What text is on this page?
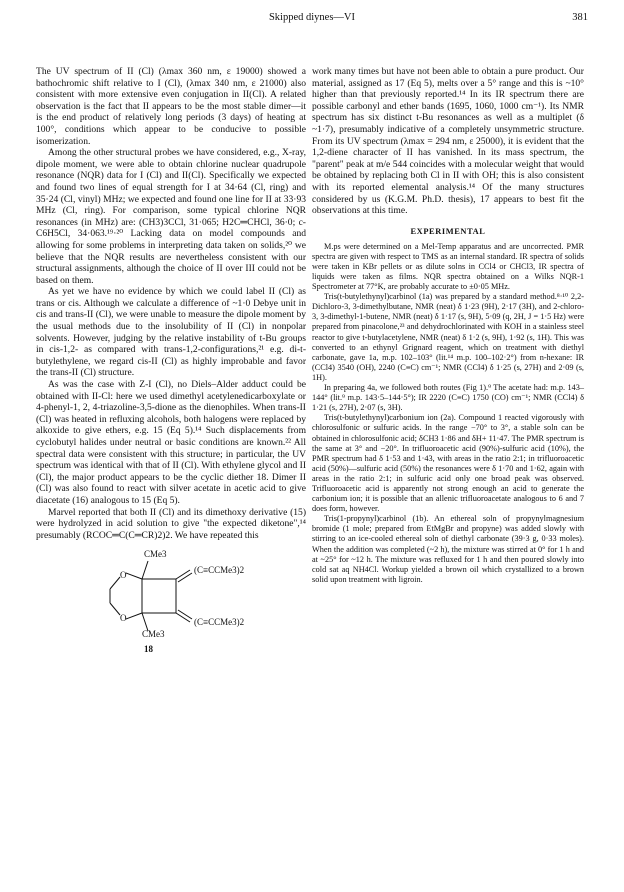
Skipped diynes—VI	381

The UV spectrum of II (Cl) (λmax 360 nm, ε 19000) showed a bathochromic shift relative to I (Cl), (λmax 340 nm, ε 21000) also consistent with more extensive even conjugation in II(Cl). A related observation is the fact that II appears to be the most stable dimer—it is the end product of relatively long periods (3 days) of heating at 100°, conditions which appear to be conducive to possible isomerization.

Among the other structural probes we have considered, e.g., X-ray, dipole moment, we were able to obtain chlorine nuclear quadrupole resonance (NQR) data for I (Cl) and II(Cl). Specifically we expected and found two lines of equal strength for I at 34·64 (Cl, ring) and 35·24 (Cl, vinyl) MHz; we expected and found one line for II at 33·93 MHz (Cl, ring). For comparison, some typical chlorine NQR resonances (in MHz) are: (CH3)3CCl, 31·065; H2C═CHCl, 36·0; c-C6H5Cl, 34·063.¹⁹·²⁰ Lacking data on model compounds and allowing for some problems in interpreting data taken on solids,²⁰ we believe that the NQR results are nevertheless consistent with our structural assignments, although the choice of II over III could not be based on them.

As yet we have no evidence by which we could label II (Cl) as trans or cis. Although we calculate a difference of ~1·0 Debye unit in cis and trans-II (Cl), we were unable to measure the dipole moment by the usual methods due to the insolubility of II (Cl) in nonpolar solvents. However, judging by the relative instability of t-Bu groups in cis-1,2- as compared with trans-1,2-configurations,²¹ e.g. di-t-butylethylene, we regard cis-II (Cl) as highly improbable and favor the trans-II (Cl) structure.

As was the case with Z-I (Cl), no Diels–Alder adduct could be obtained with II-Cl: here we used dimethyl acetylenedicarboxylate or 4-phenyl-1, 2, 4-triazoline-3,5-dione as the dienophiles. When trans-II (Cl) was heated in refluxing alcohols, both halogens were replaced by alkoxide to give ethers, e.g. 15 (Eq 5).¹⁴ Such displacements from cyclobutyl halides under neutral or basic conditions are known.²² All spectral data were consistent with this structure; in particular, the UV spectrum was identical with that of II (Cl). With ethylene glycol and II (Cl), the major product appears to be the cyclic diether 18. Dimer II (Cl) was also found to react with silver acetate in acetic acid to give diacetate (16) analogous to 15 (Eq 5).

Marvel reported that both II (Cl) and its dimethoxy derivative (15) were hydrolyzed in acid solution to give "the expected diketone",¹⁴ presumably (RCOC═C(C═CR)2)2. We have repeated this

CMe3
(C≡CCMe3)2
O
O
CMe3
(C≡CCMe3)2
18

work many times but have not been able to obtain a pure product. Our material, assigned as 17 (Eq 5), melts over a 5° range and this is ~10° higher than that previously reported.¹⁴ In its IR spectrum there are possible carbonyl and ether bands (1695, 1060, 1000 cm⁻¹). Its NMR spectrum has six distinct t-Bu resonances as well as a multiplet (δ ~1·7), presumably indicative of a completely unsymmetric structure. From its UV spectrum (λmax = 294 nm, ε 25000), it is evident that the 1,2-diene character of II has vanished. In its mass spectrum, the "parent" peak at m/e 544 coincides with a molecular weight that would be obtained by replacing both Cl in II with OH; this is also consistent with its reported elemental analysis.¹⁴ Of the many structures considered by us (K.G.M. Ph.D. thesis), 17 appears to best fit the observations at this time.

EXPERIMENTAL

M.ps were determined on a Mel-Temp apparatus and are uncorrected. PMR spectra are given with respect to TMS as an internal standard. IR spectra of solids were taken in KBr pellets or as dilute solns in CCl4 or CHCl3, IR spectra of liquids were taken as films. NQR spectra obtained on a Wilks NQR-1 Spectrometer at 77°K, are probably accurate to ±0·05 MHz.

Tris(t-butylethynyl)carbinol (1a) was prepared by a standard method.⁸·¹⁰ 2,2-Dichloro-3, 3-dimethylbutane, NMR (neat) δ 1·23 (9H), 2·17 (3H), and 2-chloro-3, 3-dimethyl-1-butene, NMR (neat) δ 1·17 (s, 9H), 5·09 (q, 2H, J = 1·5 Hz) were prepared from pinacolone,²³ and dehydrochlorinated with KOH in a stainless steel reactor to give t-butylacetylene, NMR (neat) δ 1·2 (s, 9H), 1·92 (s, 1H). This was converted to an ethynyl Grignard reagent, which on treatment with diethyl carbonate, gave 1a, m.p. 102–103° (lit.¹⁴ m.p. 100–102·2°) from n-hexane: IR (CCl4) 3540 (OH), 2240 (C≡C) cm⁻¹; NMR (CCl4) δ 1·25 (s, 27H) and 2·09 (s, 1H).

In preparing 4a, we followed both routes (Fig 1).⁹ The acetate had: m.p. 143–144° (lit.⁹ m.p. 143·5–144·5°); IR 2220 (C≡C) 1750 (CO) cm⁻¹; NMR (CCl4) δ 1·21 (s, 27H), 2·07 (s, 3H).

Tris(t-butylethynyl)carbonium ion (2a). Compound 1 reacted vigorously with chlorosulfonic or sulfuric acids. In the range −70° to 3°, a stable soln can be obtained in chlorosulfonic acid; δCH3 1·86 and δH+ 11·47. The PMR spectrum is the same at 3° and −20°. In trifluoroacetic acid (90%)-sulfuric acid (10%), the PMR spectrum had δ 1·53 and 1·43, with areas in the ratio 2:1; in trifluoroacetic acid (50%)—sulfuric acid (50%) the resonances were δ 1·70 and 1·62, again with areas in the ratio 2:1; in sulfuric acid only one broad peak was observed. Trifluoroacetic acid is apparently not strong enough an acid to generate the carbonium ion; it is possible that an allenic trifluoroacetate analogous to 6 and 7 does form, however.

Tris(1-propynyl)carbinol (1b). An ethereal soln of propynylmagnesium bromide (1 mole; prepared from EtMgBr and propyne) was added slowly with stirring to an ice-cooled ethereal soln of diethyl carbonate (39·3 g, 0·33 moles). When the addition was completed (~2 h), the mixture was stirred at 0° for 1 h and at ~25° for ~12 h. The mixture was refluxed for 1 h and then poured slowly into cold sat aq NH4Cl. Workup yielded a brown oil which crystallized to a brown solid upon treatment with ligroin.
